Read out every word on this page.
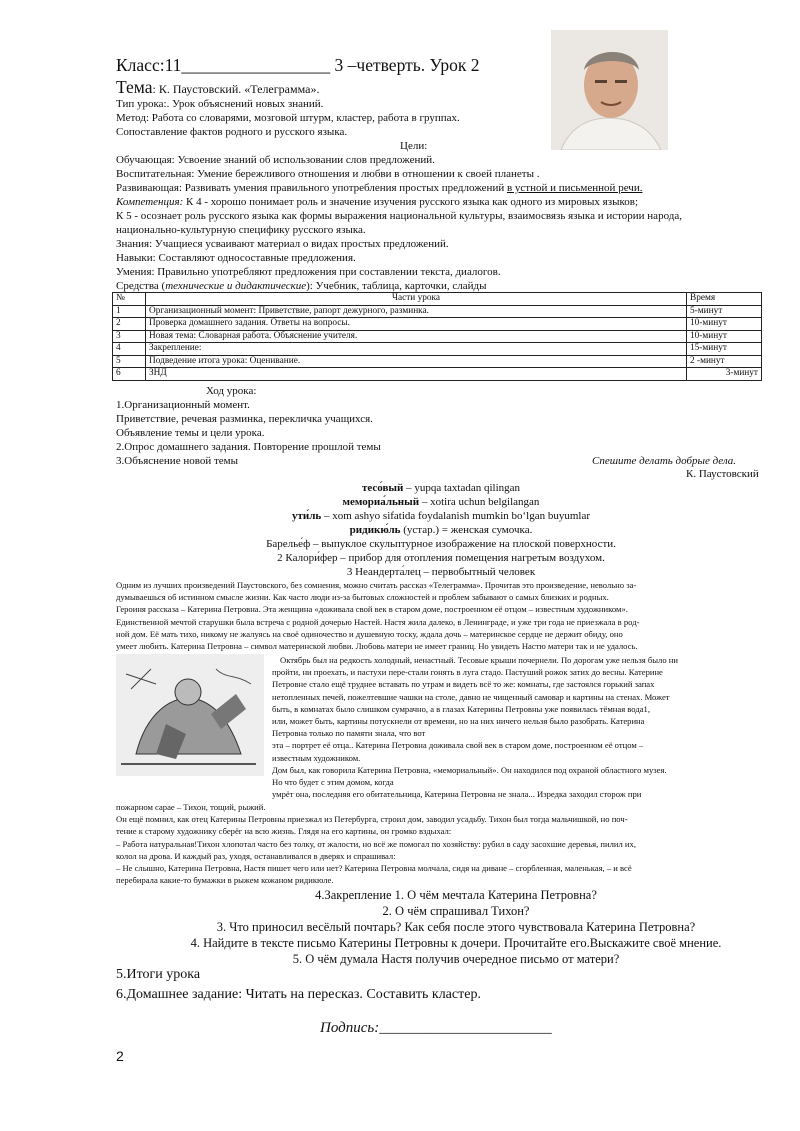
Класс:11_________________ 3 –четверть. Урок 2
Тема: К. Паустовский. «Телеграмма».
Тип урока:. Урок объяснений новых знаний.
Метод: Работа со словарями, мозговой штурм, кластер, работа в группах.
Сопоставление фактов родного и русского языка.
Цели:
Обучающая: Усвоение знаний об использовании слов предложений.
Воспитательная: Умение бережливого отношения и любви в отношении к своей планеты .
Развивающая: Развивать умения правильного употребления простых предложений в устной и письменной речи.
Компетенция: К 4 - хорошо понимает роль и значение изучения русского языка как одного из мировых языков;
К 5 - осознает роль русского языка как формы выражения национальной культуры, взаимосвязь языка и истории народа,
национально-культурную специфику русского языка.
Знания: Учащиеся усваивают материал о видах простых предложений.
Навыки: Составляют односоставные предложения.
Умения: Правильно употребляют предложения при составлении текста, диалогов.
Средства (технические и дидактические): Учебник, таблица, карточки, слайды
№	Части урока	Время
1	Организационный момент: Приветствие, рапорт дежурного, разминка.	5-минут
2	Проверка домашнего задания. Ответы на вопросы.	10-минут
3	Новая тема: Словарная работа. Объяснение учителя.	10-минут
4	Закрепление:	15-минут
5	Подведение итога урока: Оценивание.	2 -минут
6	ЗНД	3-минут
Ход урока:
1.Организационный момент.
Приветствие, речевая разминка, перекличка учащихся.
Объявление темы и цели урока.
2.Опрос домашнего задания. Повторение прошлой темы
3.Объяснение новой темы	Спешите делать добрые дела.
К. Паустовский
тесо́вый – yupqa taxtadan qilingan
мемориа́льный – xotira uchun belgilangan
ути́ль – xom ashyo sifatida foydalanish mumkin bo‘lgan buyumlar
ридикю́ль (устар.) = женская сумочка.
Барелье́ф – выпуклое скульптурное изображение на плоской поверхности.
2 Калори́фер – прибор для отопления помещения нагретым воздухом.
3 Неандерта́лец – первобытный человек
Одним из лучших произведений Паустовского, без сомнения, можно считать рассказ «Телеграмма». Прочитав это произведение, невольно за-
думываешься об истинном смысле жизни. Как часто люди из-за бытовых сложностей и проблем забывают о самых близких и родных.
Героиня рассказа – Катерина Петровна. Эта женщина «доживала свой век в старом доме, построенном её отцом – известным художником».
Единственной мечтой старушки была встреча с родной дочерью Настей. Настя жила далеко, в Ленинграде, и уже три года не приезжала в род-
ной дом. Её мать тихо, никому не жалуясь на своё одиночество и душевную тоску, ждала дочь – материнское сердце не держит обиду, оно
умеет любить. Катерина Петровна – символ материнской любви. Любовь матери не имеет границ. Но увидеть Настю матери так и не удалось.
Октябрь был на редкость холодный, ненастный. Тесовые крыши почернели. По дорогам уже нельзя было ни
пройти, ни проехать, и пастухи пере-стали гонять в луга стадо. Пастуший рожок затих до весны. Катерине
Петровне стало ещё труднее вставать по утрам и видеть всё то же: комнаты, где застоялся горький запах
нетопленных печей, пожелтевшие чашки на столе, давно не чищенный самовар и картины на стенах. Может
быть, в комнатах было слишком сумрачно, а в глазах Катерины Петровны уже появилась тёмная вода1,
или, может быть, картины потускнели от времени, но на них ничего нельзя было разобрать. Катерина
Петровна только по памяти знала, что вот
эта – портрет её отца.. Катерина Петровна доживала свой век в старом доме, построенном её отцом –
известным художником.
Дом был, как говорила Катерина Петровна, «мемориальный». Он находился под охраной областного музея.
Но что будет с этим домом, когда
умрёт она, последняя его обитательница, Катерина Петровна не знала... Изредка заходил сторож при
пожарном сарае – Тихон, тощий, рыжий.
Он ещё помнил, как отец Катерины Петровны приезжал из Петербурга, строил дом, заводил усадьбу. Тихон был тогда мальчишкой, но поч-
тение к старому художнику сберёг на всю жизнь. Глядя на его картины, он громко вздыхал:
– Работа натуральная!Тихон хлопотал часто без толку, от жалости, но всё же помогал по хозяйству: рубил в саду засохшие деревья, пилил их,
колол на дрова. И каждый раз, уходя, останавливался в дверях и спрашивал:
– Не слышно, Катерина Петровна, Настя пишет чего или нет? Катерина Петровна молчала, сидя на диване – сгорбленная, маленькая, – и всё
перебирала какие-то бумажки в рыжем кожаном ридикюле.
4.Закрепление 1. О чём мечтала Катерина Петровна?
2. О чём спрашивал Тихон?
3. Что приносил весёлый почтарь? Как себя после этого чувствовала Катерина Петровна?
4. Найдите в тексте письмо Катерины Петровны к дочери. Прочитайте его.Выскажите своё мнение.
5. О чём думала Настя получив очередное письмо от матери?
5.Итоги урока
6.Домашнее задание: Читать на пересказ. Составить кластер.
Подпись:_______________________
2
